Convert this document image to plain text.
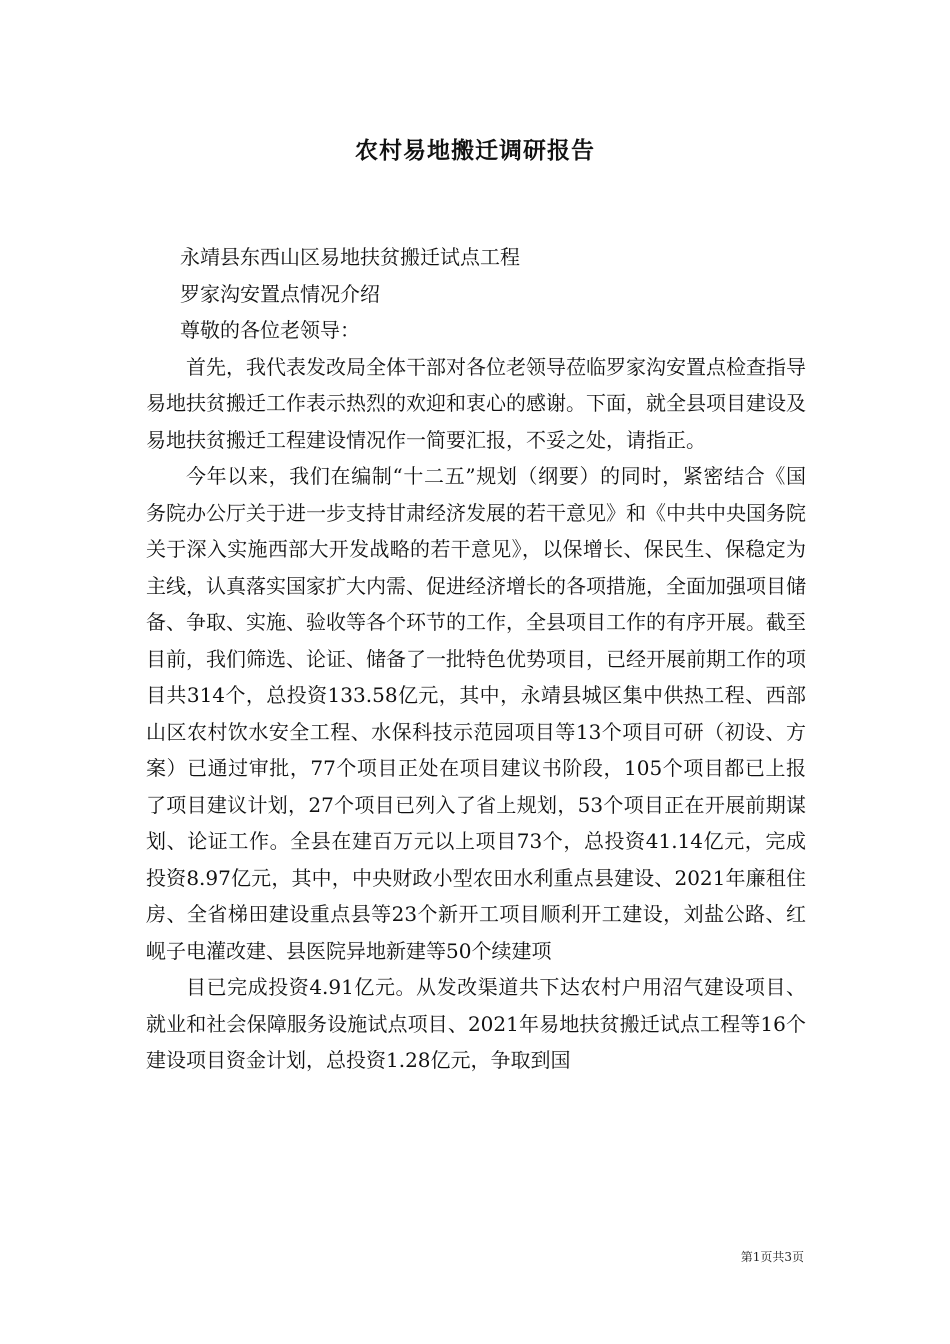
农村易地搬迁调研报告

永靖县东西山区易地扶贫搬迁试点工程

罗家沟安置点情况介绍

尊敬的各位老领导：

首先，我代表发改局全体干部对各位老领导莅临罗家沟安置点检查指导易地扶贫搬迁工作表示热烈的欢迎和衷心的感谢。下面，就全县项目建设及易地扶贫搬迁工程建设情况作一简要汇报，不妥之处，请指正。

今年以来，我们在编制“十二五”规划（纲要）的同时，紧密结合《国务院办公厅关于进一步支持甘肃经济发展的若干意见》和《中共中央国务院关于深入实施西部大开发战略的若干意见》，以保增长、保民生、保稳定为主线，认真落实国家扩大内需、促进经济增长的各项措施，全面加强项目储备、争取、实施、验收等各个环节的工作，全县项目工作的有序开展。截至目前，我们筛选、论证、储备了一批特色优势项目，已经开展前期工作的项目共314个，总投资133.58亿元，其中，永靖县城区集中供热工程、西部山区农村饮水安全工程、水保科技示范园项目等13个项目可研（初设、方案）已通过审批，77个项目正处在项目建议书阶段，105个项目都已上报了项目建议计划，27个项目已列入了省上规划，53个项目正在开展前期谋划、论证工作。全县在建百万元以上项目73个，总投资41.14亿元，完成投资8.97亿元，其中，中央财政小型农田水利重点县建设、2021年廉租住房、全省梯田建设重点县等23个新开工项目顺利开工建设，刘盐公路、红岘子电灌改建、县医院异地新建等50个续建项

目已完成投资4.91亿元。从发改渠道共下达农村户用沼气建设项目、就业和社会保障服务设施试点项目、2021年易地扶贫搬迁试点工程等16个建设项目资金计划，总投资1.28亿元，争取到国

第1页共3页
